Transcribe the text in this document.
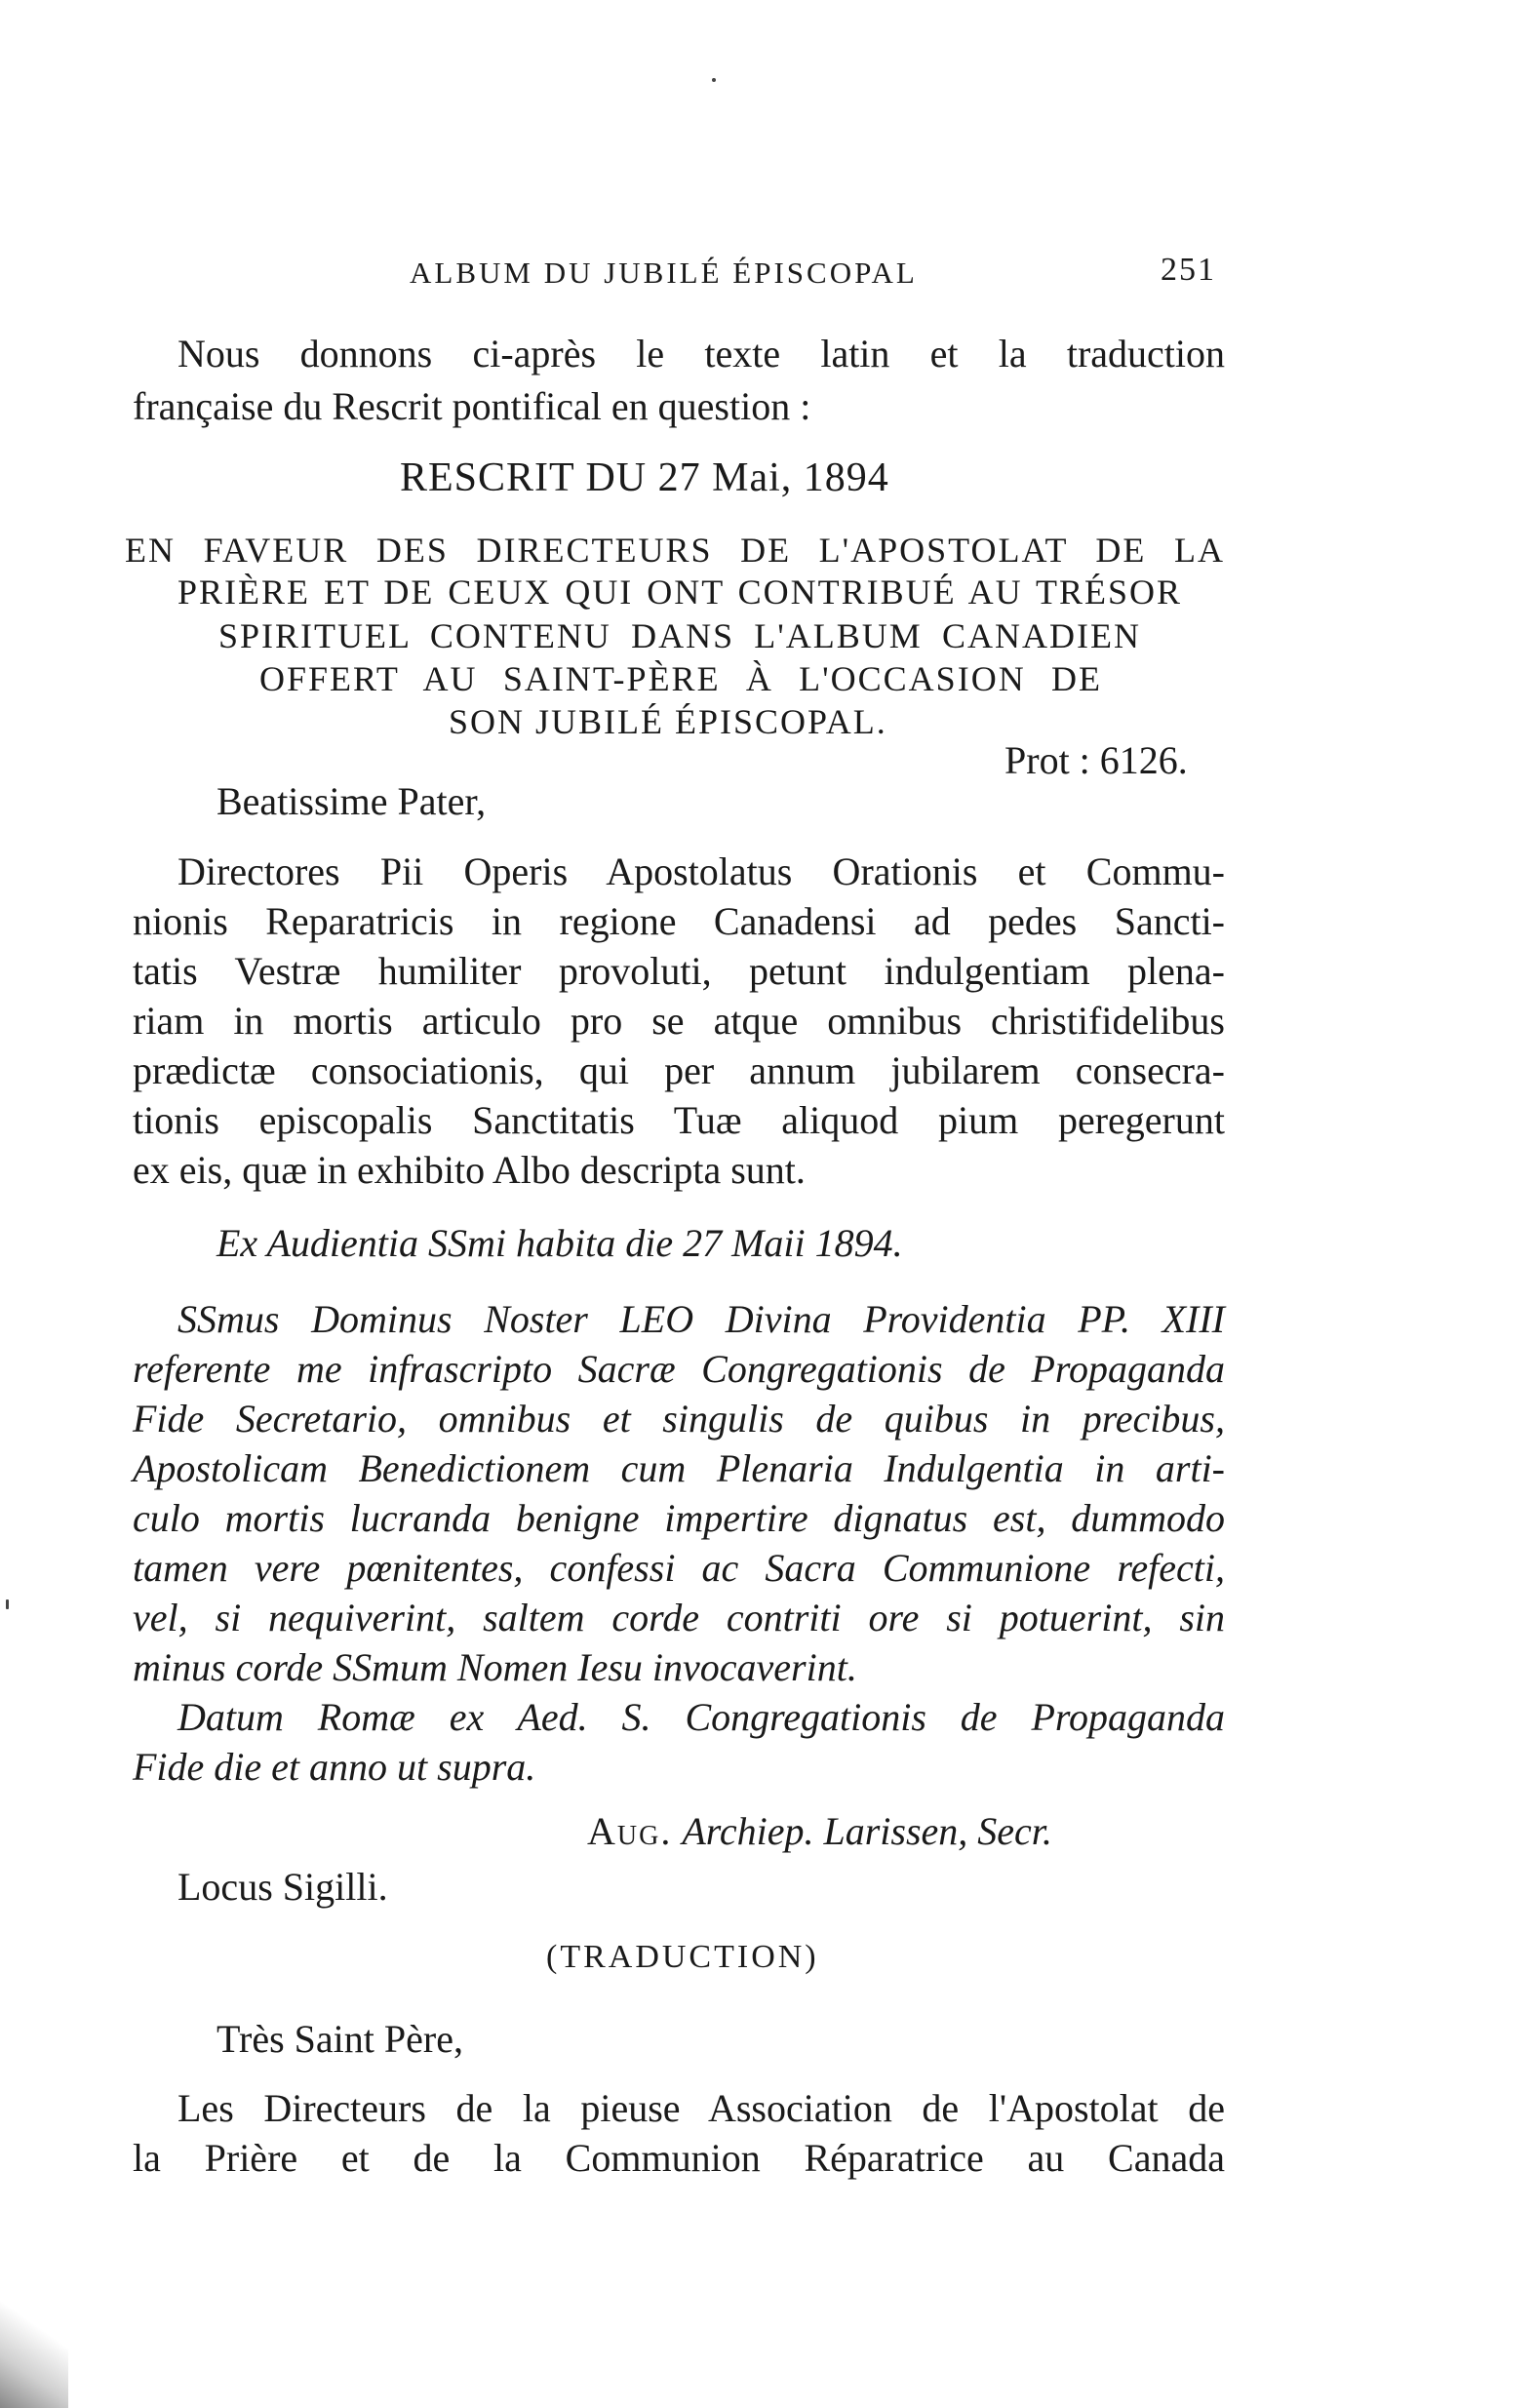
ALBUM DU JUBILÉ ÉPISCOPAL	251
Nous donnons ci-après le texte latin et la traduction
française du Rescrit pontifical en question :
RESCRIT DU 27 Mai, 1894
EN FAVEUR DES DIRECTEURS DE L'APOSTOLAT DE LA
PRIÈRE ET DE CEUX QUI ONT CONTRIBUÉ AU TRÉSOR
SPIRITUEL CONTENU DANS L'ALBUM CANADIEN
OFFERT AU SAINT-PÈRE À L'OCCASION DE
SON JUBILÉ ÉPISCOPAL.
Prot : 6126.
Beatissime Pater,
Directores Pii Operis Apostolatus Orationis et Commu-
nionis Reparatricis in regione Canadensi ad pedes Sancti-
tatis Vestræ humiliter provoluti, petunt indulgentiam plena-
riam in mortis articulo pro se atque omnibus christifidelibus
prædictæ consociationis, qui per annum jubilarem consecra-
tionis episcopalis Sanctitatis Tuæ aliquod pium peregerunt
ex eis, quæ in exhibito Albo descripta sunt.
Ex Audientia SSmi habita die 27 Maii 1894.
SSmus Dominus Noster LEO Divina Providentia PP. XIII
referente me infrascripto Sacræ Congregationis de Propaganda
Fide Secretario, omnibus et singulis de quibus in precibus,
Apostolicam Benedictionem cum Plenaria Indulgentia in arti-
culo mortis lucranda benigne impertire dignatus est, dummodo
tamen vere pœnitentes, confessi ac Sacra Communione refecti,
vel, si nequiverint, saltem corde contriti ore si potuerint, sin
minus corde SSmum Nomen Iesu invocaverint.
Datum Romæ ex Aed. S. Congregationis de Propaganda
Fide die et anno ut supra.
Aug. Archiep. Larissen, Secr.
Locus Sigilli.
(TRADUCTION)
Très Saint Père,
Les Directeurs de la pieuse Association de l'Apostolat de
la Prière et de la Communion Réparatrice au Canada
